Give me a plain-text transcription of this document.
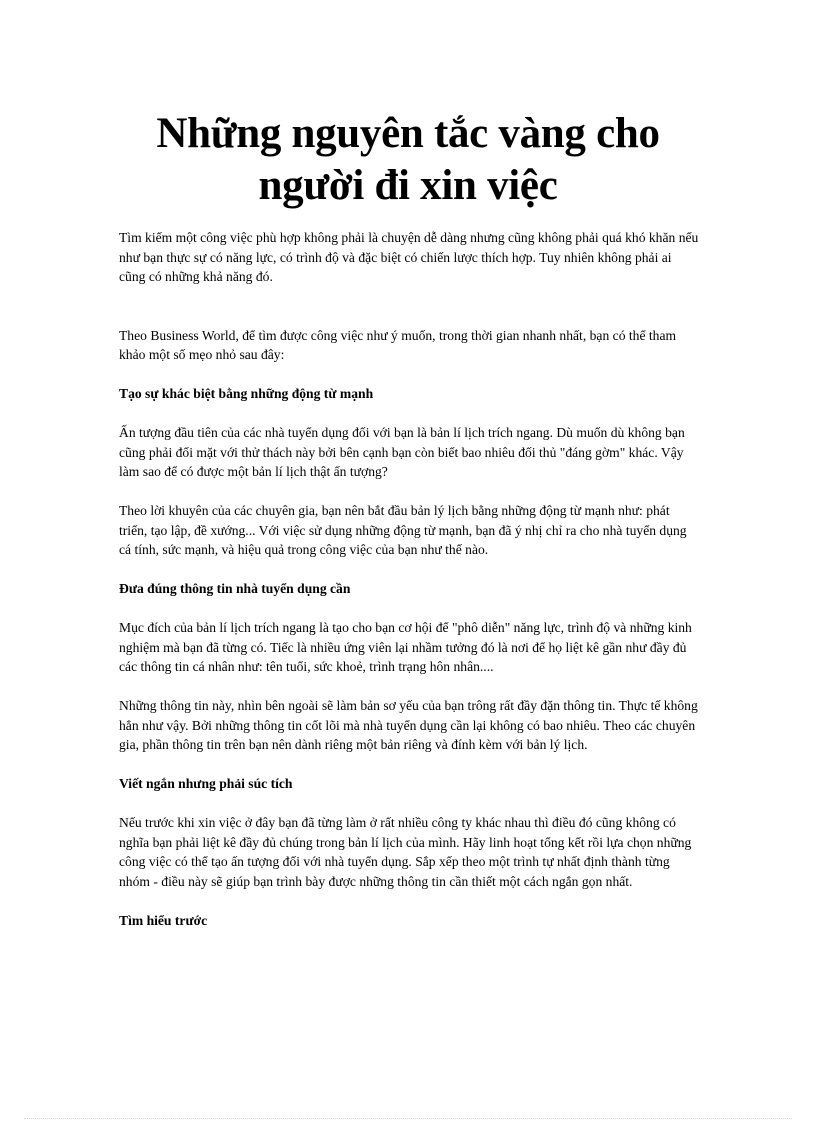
Những nguyên tắc vàng cho người đi xin việc

Tìm kiếm một công việc phù hợp không phải là chuyện dễ dàng nhưng cũng không phải quá khó khăn nếu như bạn thực sự có năng lực, có trình độ và đặc biệt có chiến lược thích hợp. Tuy nhiên không phải ai cũng có những khả năng đó.

Theo Business World, để tìm được công việc như ý muốn, trong thời gian nhanh nhất, bạn có thể tham khảo một số mẹo nhỏ sau đây:

Tạo sự khác biệt bằng những động từ mạnh

Ấn tượng đầu tiên của các nhà tuyển dụng đối với bạn là bản lí lịch trích ngang. Dù muốn dù không bạn cũng phải đối mặt với thử thách này bởi bên cạnh bạn còn biết bao nhiêu đối thủ "đáng gờm" khác. Vậy làm sao để có được một bản lí lịch thật ấn tượng?

Theo lời khuyên của các chuyên gia, bạn nên bắt đầu bản lý lịch bằng những động từ mạnh như: phát triển, tạo lập, đề xướng... Với việc sử dụng những động từ mạnh, bạn đã ý nhị chỉ ra cho nhà tuyển dụng cá tính, sức mạnh, và hiệu quả trong công việc của bạn như thế nào.

Đưa đúng thông tin nhà tuyển dụng cần

Mục đích của bản lí lịch trích ngang là tạo cho bạn cơ hội để "phô diễn" năng lực, trình độ và những kinh nghiệm mà bạn đã từng có. Tiếc là nhiều ứng viên lại nhầm tưởng đó là nơi để họ liệt kê gần như đầy đủ các thông tin cá nhân như: tên tuổi, sức khoẻ, trình trạng hôn nhân....

Những thông tin này, nhìn bên ngoài sẽ làm bản sơ yếu của bạn trông rất đầy đặn thông tin. Thực tế không hẳn như vậy. Bởi những thông tin cốt lõi mà nhà tuyển dụng cần lại không có bao nhiêu. Theo các chuyên gia, phần thông tin trên bạn nên dành riêng một bản riêng và đính kèm với bản lý lịch.

Viết ngắn nhưng phải súc tích

Nếu trước khi xin việc ở đây bạn đã từng làm ở rất nhiều công ty khác nhau thì điều đó cũng không có nghĩa bạn phải liệt kê đầy đủ chúng trong bản lí lịch của mình. Hãy linh hoạt tổng kết rồi lựa chọn những công việc có thể tạo ấn tượng đối với nhà tuyển dụng. Sắp xếp theo một trình tự nhất định thành từng nhóm - điều này sẽ giúp bạn trình bày được những thông tin cần thiết một cách ngắn gọn nhất.

Tìm hiểu trước
